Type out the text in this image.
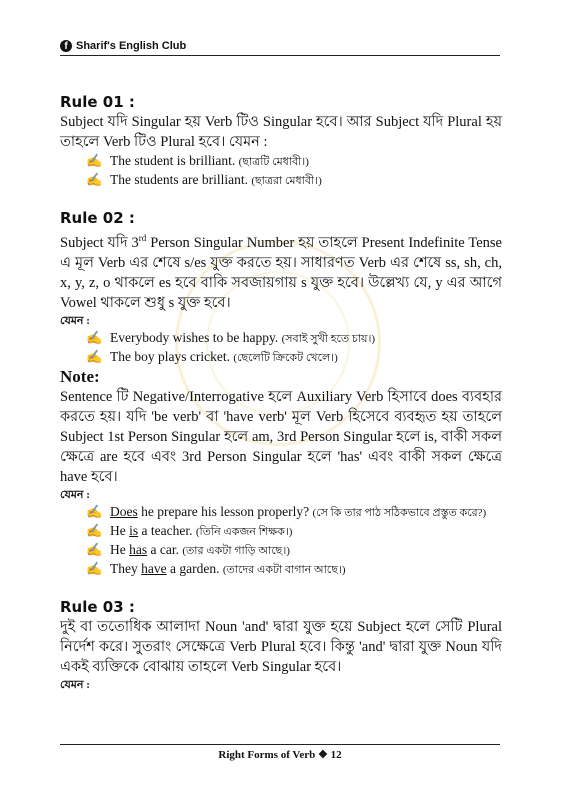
f Sharif's English Club

Rule 01 :

Subject যদি Singular হয় Verb টিও Singular হবে। আর Subject যদি Plural হয় তাহলে Verb টিও Plural হবে। যেমন :

✍ The student is brilliant. (ছাত্রটি মেধাবী।)
✍ The students are brilliant. (ছাত্ররা মেধাবী।)

Rule 02 :

Subject যদি 3rd Person Singular Number হয় তাহলে Present Indefinite Tense এ মূল Verb এর শেষে s/es যুক্ত করতে হয়। সাধারণত Verb এর শেষে ss, sh, ch, x, y, z, o থাকলে es হবে বাকি সবজায়গায় s যুক্ত হবে। উল্লেখ্য যে, y এর আগে Vowel থাকলে শুধু s যুক্ত হবে।

যেমন :

✍ Everybody wishes to be happy. (সবাই সুখী হতে চায়।)
✍ The boy plays cricket. (ছেলেটি ক্রিকেট খেলে।)

Note:

Sentence টি Negative/Interrogative হলে Auxiliary Verb হিসাবে does ব্যবহার করতে হয়। যদি 'be verb' বা 'have verb' মূল Verb হিসেবে ব্যবহৃত হয় তাহলে Subject 1st Person Singular হলে am, 3rd Person Singular হলে is, বাকী সকল ক্ষেত্রে are হবে এবং 3rd Person Singular হলে 'has' এবং বাকী সকল ক্ষেত্রে have হবে।

যেমন :

✍ Does he prepare his lesson properly? (সে কি তার পাঠ সঠিকভাবে প্রস্তুত করে?)
✍ He is a teacher. (তিনি একজন শিক্ষক।)
✍ He has a car. (তার একটা গাড়ি আছে।)
✍ They have a garden. (তাদের একটা বাগান আছে।)

Rule 03 :

দুই বা ততোধিক আলাদা Noun 'and' দ্বারা যুক্ত হয়ে Subject হলে সেটি Plural নির্দেশ করে। সুতরাং সেক্ষেত্রে Verb Plural হবে। কিন্তু 'and' দ্বারা যুক্ত Noun যদি একই ব্যক্তিকে বোঝায় তাহলে Verb Singular হবে।

যেমন :

Right Forms of Verb ❖ 12
